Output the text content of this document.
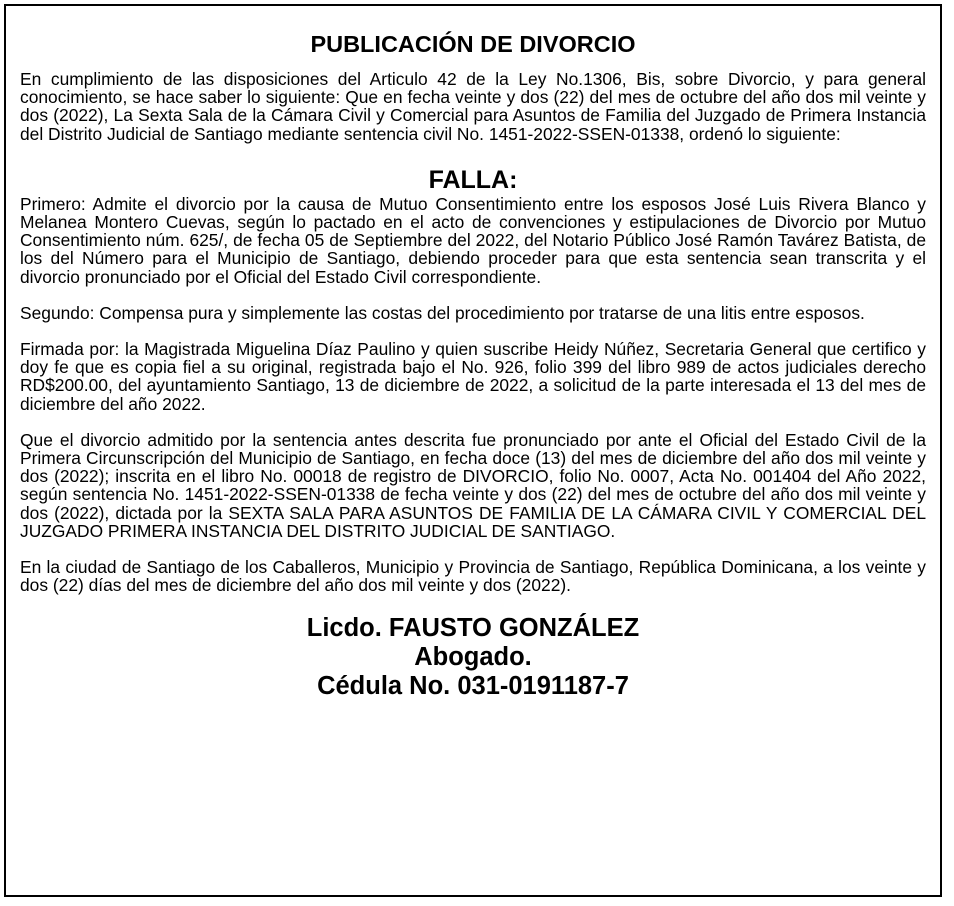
PUBLICACIÓN DE DIVORCIO

En cumplimiento de las disposiciones del Articulo 42 de la Ley No.1306, Bis, sobre Divorcio, y para general conocimiento, se hace saber lo siguiente: Que en fecha veinte y dos (22) del mes de octubre del año dos mil veinte y dos (2022), La Sexta Sala de la Cámara Civil y Comercial para Asuntos de Familia del Juzgado de Primera Instancia del Distrito Judicial de Santiago mediante sentencia civil No. 1451-2022-SSEN-01338, ordenó lo siguiente:

FALLA:

Primero: Admite el divorcio por la causa de Mutuo Consentimiento entre los esposos José Luis Rivera Blanco y Melanea Montero Cuevas, según lo pactado en el acto de convenciones y estipulaciones de Divorcio por Mutuo Consentimiento núm. 625/, de fecha 05 de Septiembre del 2022, del Notario Público José Ramón Tavárez Batista, de los del Número para el Municipio de Santiago, debiendo proceder para que esta sentencia sean transcrita y el divorcio pronunciado por el Oficial del Estado Civil correspondiente.

Segundo: Compensa pura y simplemente las costas del procedimiento por tratarse de una litis entre esposos.

Firmada por: la Magistrada Miguelina Díaz Paulino y quien suscribe Heidy Núñez, Secretaria General que certifico y doy fe que es copia fiel a su original, registrada bajo el No. 926, folio 399 del libro 989 de actos judiciales derecho RD$200.00, del ayuntamiento Santiago, 13 de diciembre de 2022, a solicitud de la parte interesada el 13 del mes de diciembre del año 2022.

Que el divorcio admitido por la sentencia antes descrita fue pronunciado por ante el Oficial del Estado Civil de la Primera Circunscripción del Municipio de Santiago, en fecha doce (13) del mes de diciembre del año dos mil veinte y dos (2022); inscrita en el libro No. 00018 de registro de DIVORCIO, folio No. 0007, Acta No. 001404 del Año 2022, según sentencia No. 1451-2022-SSEN-01338 de fecha veinte y dos (22) del mes de octubre del año dos mil veinte y dos (2022), dictada por la SEXTA SALA PARA ASUNTOS DE FAMILIA DE LA CÁMARA CIVIL Y COMERCIAL DEL JUZGADO PRIMERA INSTANCIA DEL DISTRITO JUDICIAL DE SANTIAGO.

En la ciudad de Santiago de los Caballeros, Municipio y Provincia de Santiago, República Dominicana, a los veinte y dos (22) días del mes de diciembre del año dos mil veinte y dos (2022).

Licdo. FAUSTO GONZÁLEZ
Abogado.
Cédula No. 031-0191187-7
